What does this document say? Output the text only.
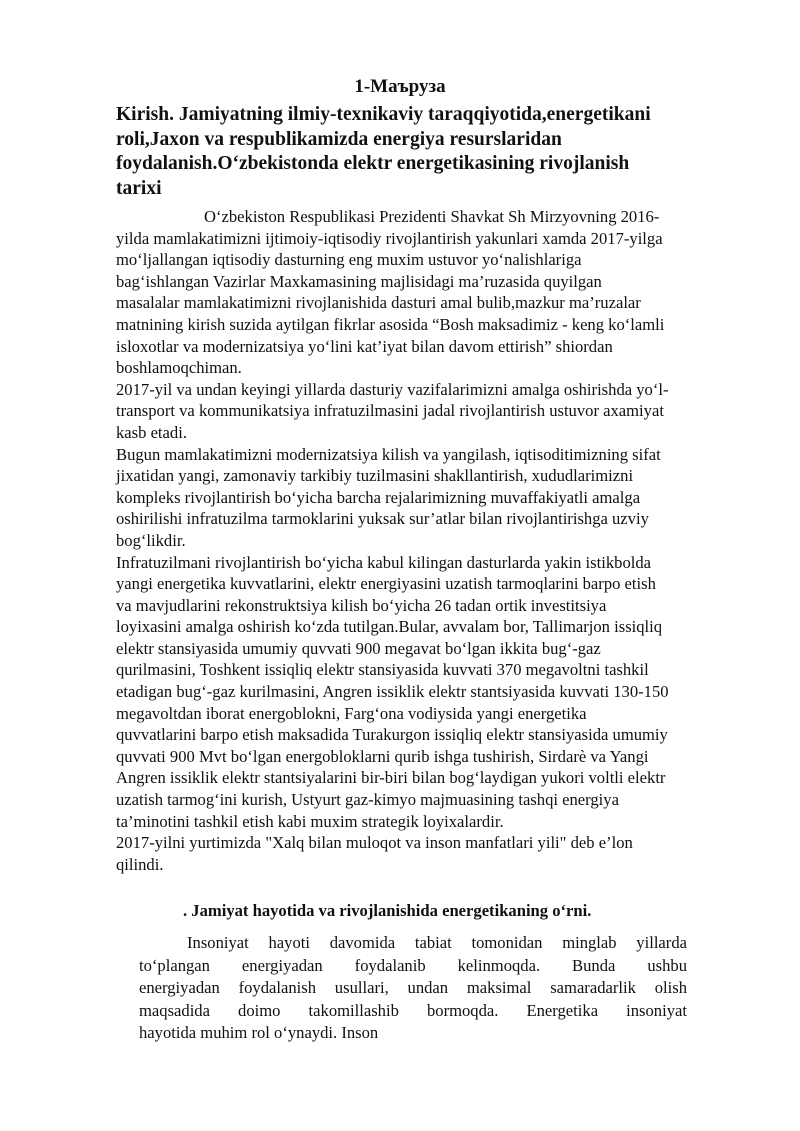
1-Маъруза
Kirish. Jamiyatning ilmiy-texnikaviy taraqqiyotida,energetikani
roli,Jaxon va respublikamizda energiya resurslaridan
foydalanish.O‘zbekistonda elektr energetikasining rivojlanish
tarixi

O‘zbekiston Respublikasi Prezidenti Shavkat Sh Mirzyovning 2016-
yilda mamlakatimizni ijtimoiy-iqtisodiy rivojlantirish yakunlari xamda 2017-yilga
mo‘ljallangan iqtisodiy dasturning eng muxim ustuvor yo‘nalishlariga
bag‘ishlangan Vazirlar Maxkamasining majlisidagi ma’ruzasida quyilgan
masalalar mamlakatimizni rivojlanishida dasturi amal bulib,mazkur ma’ruzalar
matnining kirish suzida aytilgan fikrlar asosida “Bosh maksadimiz - keng ko‘lamli
isloxotlar va modernizatsiya yo‘lini kat’iyat bilan davom ettirish” shiordan
boshlamoqchiman.

2017-yil va undan keyingi yillarda dasturiy vazifalarimizni amalga oshirishda yo‘l-
transport va kommunikatsiya infratuzilmasini jadal rivojlantirish ustuvor axamiyat
kasb etadi.

Bugun mamlakatimizni modernizatsiya kilish va yangilash, iqtisoditimizning sifat
jixatidan yangi, zamonaviy tarkibiy tuzilmasini shakllantirish, xududlarimizni
kompleks rivojlantirish bo‘yicha barcha rejalarimizning muvaffakiyatli amalga
oshirilishi infratuzilma tarmoklarini yuksak sur’atlar bilan rivojlantirishga uzviy
bog‘likdir.

Infratuzilmani rivojlantirish bo‘yicha kabul kilingan dasturlarda yakin istikbolda
yangi energetika kuvvatlarini, elektr energiyasini uzatish tarmoqlarini barpo etish
va mavjudlarini rekonstruktsiya kilish bo‘yicha 26 tadan ortik investitsiya
loyixasini amalga oshirish ko‘zda tutilgan.Bular, avvalam bor, Tallimarjon issiqliq
elektr stansiyasida umumiy quvvati 900 megavat bo‘lgan ikkita bug‘-gaz
qurilmasini, Toshkent issiqliq elektr stansiyasida kuvvati 370 megavoltni tashkil
etadigan bug‘-gaz kurilmasini, Angren issiklik elektr stantsiyasida kuvvati 130-150
megavoltdan iborat energoblokni, Farg‘ona vodiysida yangi energetika
quvvatlarini barpo etish maksadida Turakurgon issiqliq elektr stansiyasida umumiy
quvvati 900 Mvt bo‘lgan energobloklarni qurib ishga tushirish, Sirdarè va Yangi
Angren issiklik elektr stantsiyalarini bir-biri bilan bog‘laydigan yukori voltli elektr
uzatish tarmog‘ini kurish, Ustyurt gaz-kimyo majmuasining tashqi energiya
ta’minotini tashkil etish kabi muxim strategik loyixalardir.

2017-yilni yurtimizda "Xalq bilan muloqot va inson manfatlari yili" deb e’lon
qilindi.

. Jamiyat hayotida va rivojlanishida energetikaning o‘rni.
Insoniyat hayoti davomida tabiat tomonidan minglab yillarda
to‘plangan energiyadan foydalanib kelinmoqda. Bunda ushbu
energiyadan foydalanish usullari, undan maksimal samaradarlik olish
maqsadida doimo takomillashib bormoqda. Energetika insoniyat
hayotida muhim rol o‘ynaydi. Inson
